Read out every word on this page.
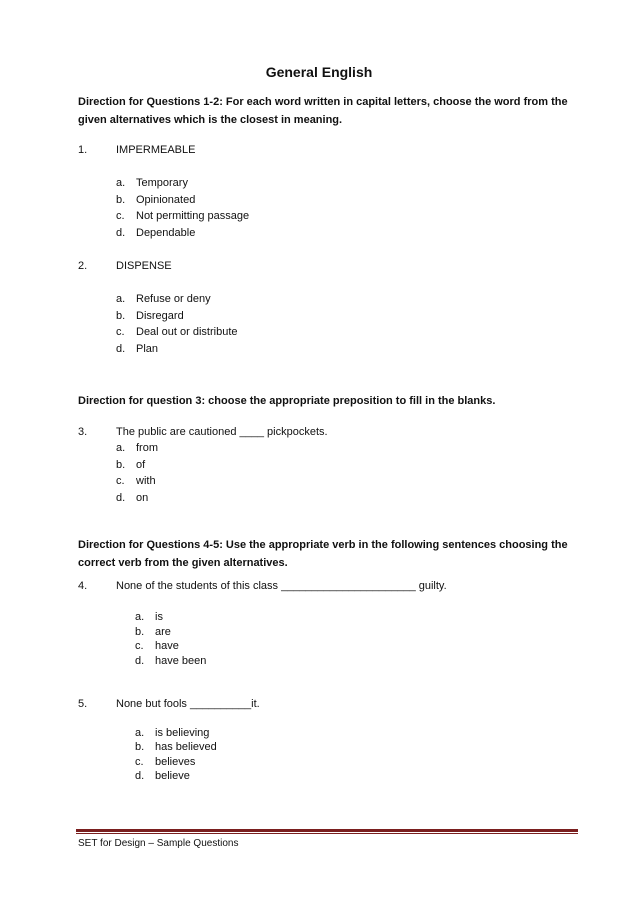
General English
Direction for Questions 1-2: For each word written in capital letters, choose the word from the given alternatives which is the closest in meaning.
1.	IMPERMEABLE
a. Temporary
b. Opinionated
c. Not permitting passage
d. Dependable
2.	DISPENSE
a. Refuse or deny
b. Disregard
c. Deal out or distribute
d. Plan
Direction for question 3: choose the appropriate preposition to fill in the blanks.
3.	The public are cautioned ____ pickpockets.
a. from
b. of
c. with
d. on
Direction for Questions 4-5: Use the appropriate verb in the following sentences choosing the correct verb from the given alternatives.
4.	None of the students of this class ______________________ guilty.
a. is
b. are
c. have
d. have been
5.	None but fools __________it.
a. is believing
b. has believed
c. believes
d. believe
SET for Design – Sample Questions
